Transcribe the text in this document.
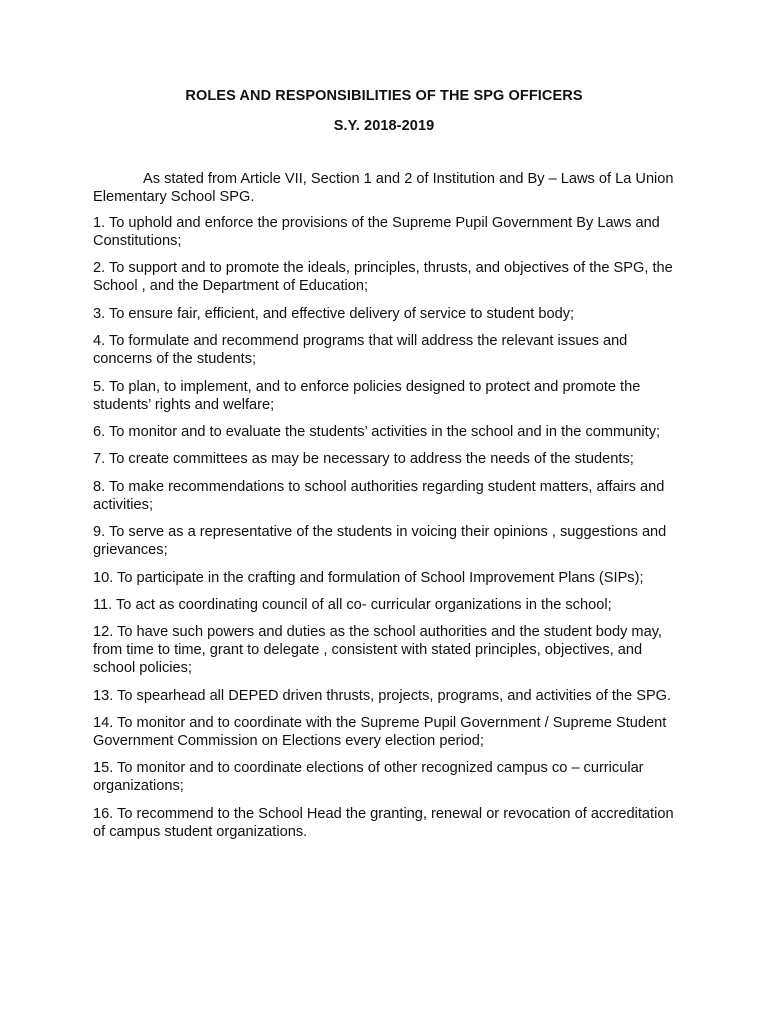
ROLES AND RESPONSIBILITIES OF THE SPG OFFICERS
S.Y. 2018-2019

As stated from Article VII, Section 1 and 2 of Institution and By – Laws of La Union Elementary School SPG.

1. To uphold and enforce the provisions of the Supreme Pupil Government By Laws and Constitutions;

2. To support and to promote the ideals, principles, thrusts, and objectives of the SPG, the School , and the Department of Education;

3. To ensure fair, efficient, and effective delivery of service to student body;

4. To formulate and recommend programs that will address the relevant issues and concerns of the students;

5. To plan, to implement, and to enforce policies designed to protect and promote the students’ rights and welfare;

6. To monitor and to evaluate the students’ activities in the school and in the community;

7. To create committees as may be necessary to address the needs of the students;

8. To make recommendations to school authorities regarding student matters, affairs and activities;

9. To serve as a representative of the students in voicing their opinions , suggestions and grievances;

10. To participate in the crafting and formulation of School Improvement Plans (SIPs);

11. To act as coordinating council of all co- curricular organizations in the school;

12. To have such powers and duties as the school authorities and the student body may, from time to time, grant to delegate , consistent with stated principles, objectives, and school policies;

13. To spearhead all DEPED driven thrusts, projects, programs, and activities of the SPG.

14. To monitor and to coordinate with the Supreme Pupil Government / Supreme Student Government Commission on Elections every election period;

15. To monitor and to coordinate elections of other recognized campus co – curricular organizations;

16. To recommend to the School Head the granting, renewal or revocation of accreditation of campus student organizations.
